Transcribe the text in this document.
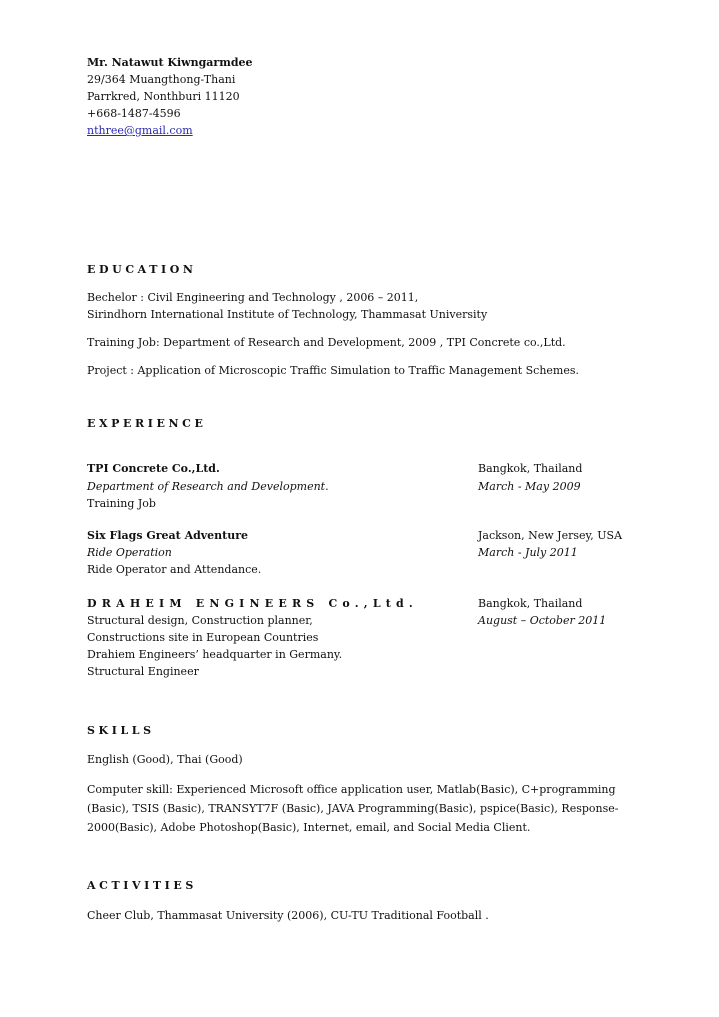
Mr. Natawut Kiwngarmdee
29/364 Muangthong-Thani
Parrkred, Nonthburi 11120
+668-1487-4596
nthree@gmail.com
EDUCATION
Bechelor : Civil Engineering and Technology , 2006 – 2011,
Sirindhorn International Institute of Technology, Thammasat University
Training Job: Department of Research and Development, 2009 , TPI Concrete co.,Ltd.
Project : Application of Microscopic Traffic Simulation to Traffic Management Schemes.
EXPERIENCE
TPI Concrete Co.,Ltd.	Bangkok, Thailand
Department of Research and Development.	March - May 2009
Training Job
Six Flags Great Adventure	Jackson, New Jersey, USA
Ride Operation	March - July 2011
Ride Operator and Attendance.
DRAHEIM ENGINEERS Co.,Ltd.	Bangkok, Thailand
Structural design, Construction planner,	August – October 2011
Constructions site in European Countries
Drahiem Engineers’ headquarter in Germany.
Structural Engineer
SKILLS
English (Good), Thai (Good)
Computer skill: Experienced Microsoft office application user, Matlab(Basic), C+programming
(Basic), TSIS (Basic), TRANSYT7F (Basic), JAVA Programming(Basic), pspice(Basic), Response-
2000(Basic), Adobe Photoshop(Basic), Internet, email, and Social Media Client.
ACTIVITIES
Cheer Club, Thammasat University (2006), CU-TU Traditional Football .
